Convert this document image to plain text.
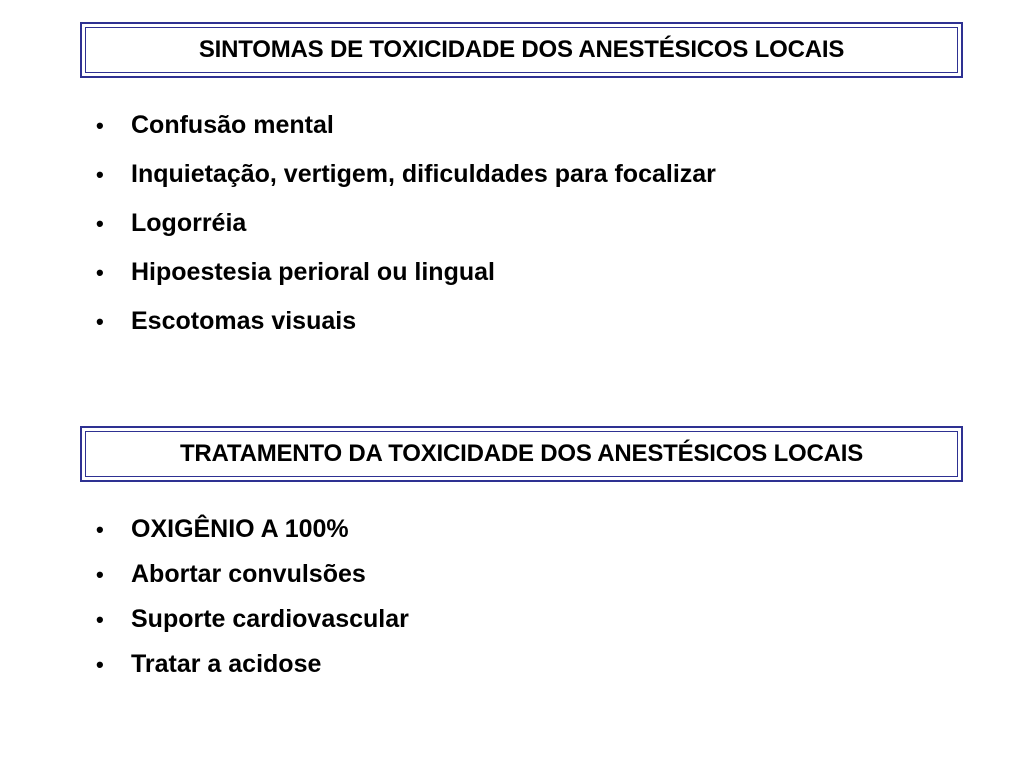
SINTOMAS DE TOXICIDADE DOS ANESTÉSICOS LOCAIS
•	Confusão mental
•	Inquietação, vertigem, dificuldades para focalizar
•	Logorréia
•	Hipoestesia perioral ou lingual
•	Escotomas visuais
TRATAMENTO DA TOXICIDADE DOS ANESTÉSICOS LOCAIS
•	OXIGÊNIO A 100%
•	Abortar convulsões
•	Suporte cardiovascular
•	Tratar a acidose
